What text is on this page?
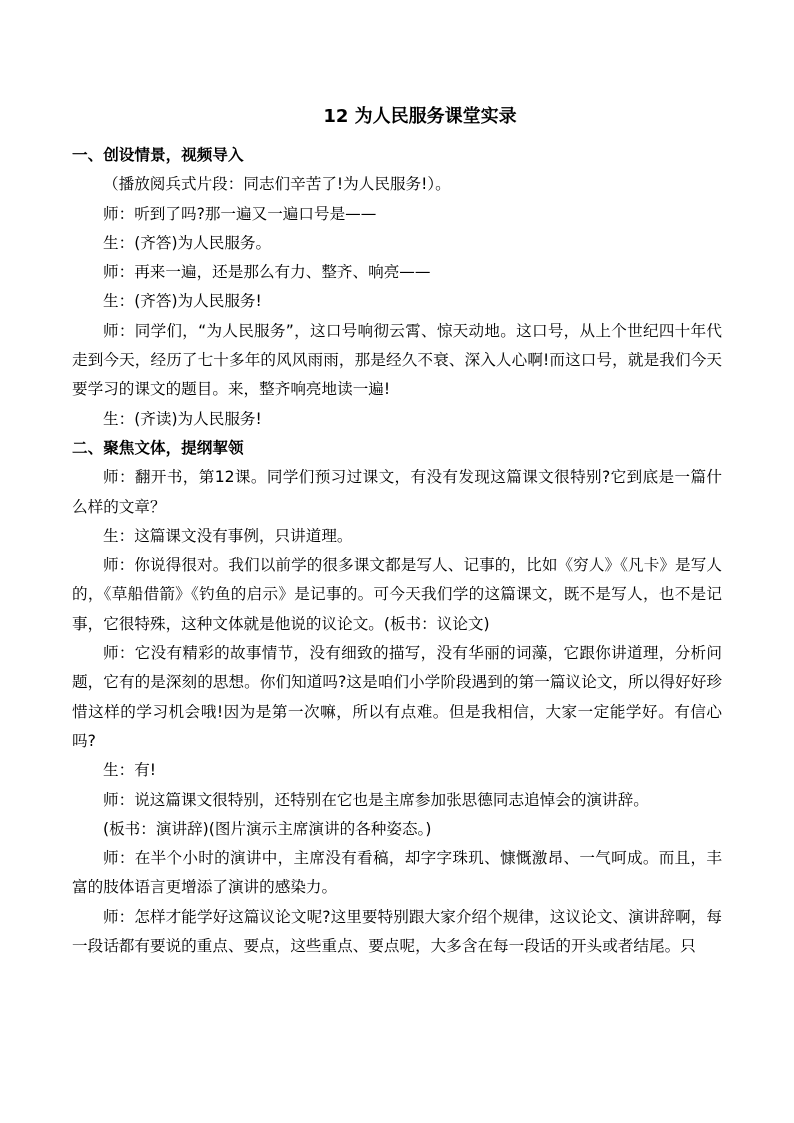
12 为人民服务课堂实录

一、创设情景，视频导入

（播放阅兵式片段：同志们辛苦了!为人民服务!）。

师：听到了吗?那一遍又一遍口号是——

生：(齐答)为人民服务。

师：再来一遍，还是那么有力、整齐、响亮——

生：(齐答)为人民服务!

师：同学们，“为人民服务”，这口号响彻云霄、惊天动地。这口号，从上个世纪四十年代走到今天，经历了七十多年的风风雨雨，那是经久不衰、深入人心啊!而这口号，就是我们今天要学习的课文的题目。来，整齐响亮地读一遍!

生：(齐读)为人民服务!

二、聚焦文体，提纲挈领

师：翻开书，第12课。同学们预习过课文，有没有发现这篇课文很特别?它到底是一篇什么样的文章？

生：这篇课文没有事例，只讲道理。

师：你说得很对。我们以前学的很多课文都是写人、记事的，比如《穷人》《凡卡》是写人的，《草船借箭》《钓鱼的启示》是记事的。可今天我们学的这篇课文，既不是写人，也不是记事，它很特殊，这种文体就是他说的议论文。(板书：议论文)

师：它没有精彩的故事情节，没有细致的描写，没有华丽的词藻，它跟你讲道理，分析问题，它有的是深刻的思想。你们知道吗?这是咱们小学阶段遇到的第一篇议论文，所以得好好珍惜这样的学习机会哦!因为是第一次嘛，所以有点难。但是我相信，大家一定能学好。有信心吗?

生：有!

师：说这篇课文很特别，还特别在它也是主席参加张思德同志追悼会的演讲辞。

(板书：演讲辞)(图片演示主席演讲的各种姿态。)

师：在半个小时的演讲中，主席没有看稿，却字字珠玑、慷慨激昂、一气呵成。而且，丰富的肢体语言更增添了演讲的感染力。

师：怎样才能学好这篇议论文呢?这里要特别跟大家介绍个规律，这议论文、演讲辞啊，每一段话都有要说的重点、要点，这些重点、要点呢，大多含在每一段话的开头或者结尾。只
